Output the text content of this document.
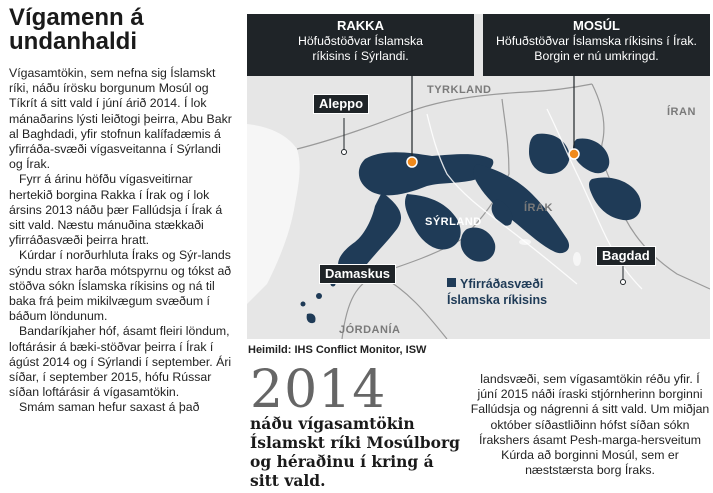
Vígamenn á undanhaldi

Vígasamtökin, sem nefna sig Íslamskt ríki, náðu írösku borgunum Mosúl og Tíkrít á sitt vald í júní árið 2014. Í lok mánaðarins lýsti leiðtogi þeirra, Abu Bakr al Baghdadi, yfir stofnun kalífadæmis á yfirráða-svæði vígasveitanna í Sýrlandi og Írak.

Fyrr á árinu höfðu vígasveitirnar hertekið borgina Rakka í Írak og í lok ársins 2013 náðu þær Fallúdsja í Írak á sitt vald. Næstu mánuðina stækkaði yfirráðasvæði þeirra hratt.

Kúrdar í norðurhluta Íraks og Sýr-lands sýndu strax harða mótspyrnu og tókst að stöðva sókn Íslamska ríkisins og ná til baka frá þeim mikilvægum svæðum í báðum löndunum.

Bandaríkjaher hóf, ásamt fleiri löndum, loftárásir á bæki-stöðvar þeirra í Írak í ágúst 2014 og í Sýrlandi í september. Ári síðar, í september 2015, hófu Rússar síðan loftárásir á vígasamtökin.

Smám saman hefur saxast á það

RAKKA
Höfuðstöðvar Íslamska ríkisins í Sýrlandi.
MOSÚL
Höfuðstöðvar Íslamska ríkisins í Írak. Borgin er nú umkringd.
Aleppo
Damaskus
Bagdad
TYRKLAND
ÍRAN
SÝRLAND
ÍRAK
JÓRDANÍA
Yfirráðasvæði
Íslamska ríkisins
Heimild: IHS Conflict Monitor, ISW
2014
náðu vígasamtökin Íslamskt ríki Mosúlborg og héraðinu í kring á sitt vald.

landsvæði, sem vígasamtökin réðu yfir. Í júní 2015 náði íraski stjórnherinn borginni Fallúdsja og nágrenni á sitt vald. Um miðjan október síðastliðinn hófst síðan sókn Írakshers ásamt Pesh-marga-hersveitum Kúrda að borginni Mosúl, sem er næststærsta borg Íraks.
